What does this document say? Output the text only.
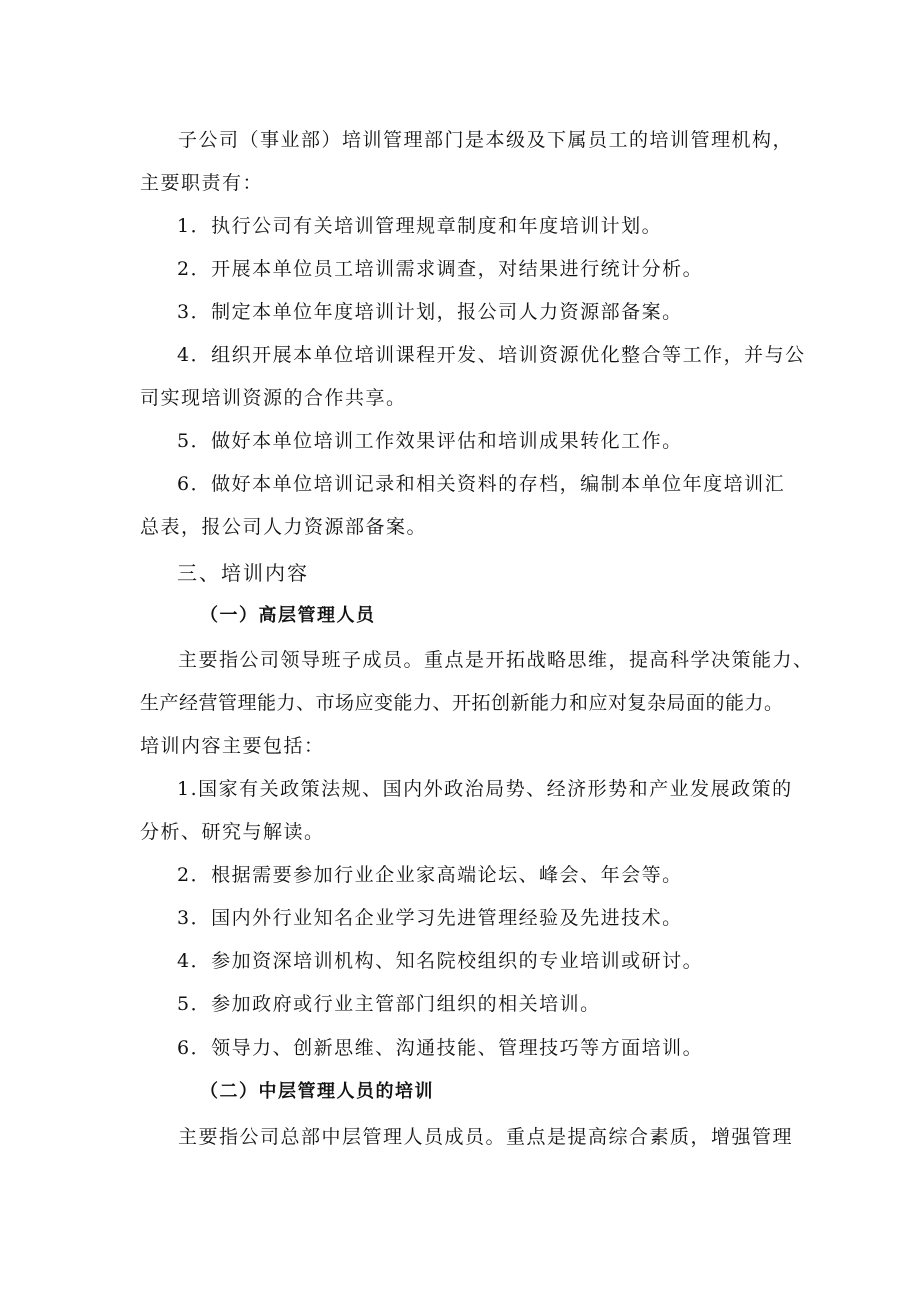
子公司（事业部）培训管理部门是本级及下属员工的培训管理机构，

主要职责有：

1．执行公司有关培训管理规章制度和年度培训计划。

2．开展本单位员工培训需求调查，对结果进行统计分析。

3．制定本单位年度培训计划，报公司人力资源部备案。

4．组织开展本单位培训课程开发、培训资源优化整合等工作，并与公

司实现培训资源的合作共享。

5．做好本单位培训工作效果评估和培训成果转化工作。

6．做好本单位培训记录和相关资料的存档，编制本单位年度培训汇

总表，报公司人力资源部备案。

三、培训内容

（一）高层管理人员

主要指公司领导班子成员。重点是开拓战略思维，提高科学决策能力、

生产经营管理能力、市场应变能力、开拓创新能力和应对复杂局面的能力。

培训内容主要包括：

1.国家有关政策法规、国内外政治局势、经济形势和产业发展政策的

分析、研究与解读。

2．根据需要参加行业企业家高端论坛、峰会、年会等。

3．国内外行业知名企业学习先进管理经验及先进技术。

4．参加资深培训机构、知名院校组织的专业培训或研讨。

5．参加政府或行业主管部门组织的相关培训。

6．领导力、创新思维、沟通技能、管理技巧等方面培训。

（二）中层管理人员的培训

主要指公司总部中层管理人员成员。重点是提高综合素质，增强管理
